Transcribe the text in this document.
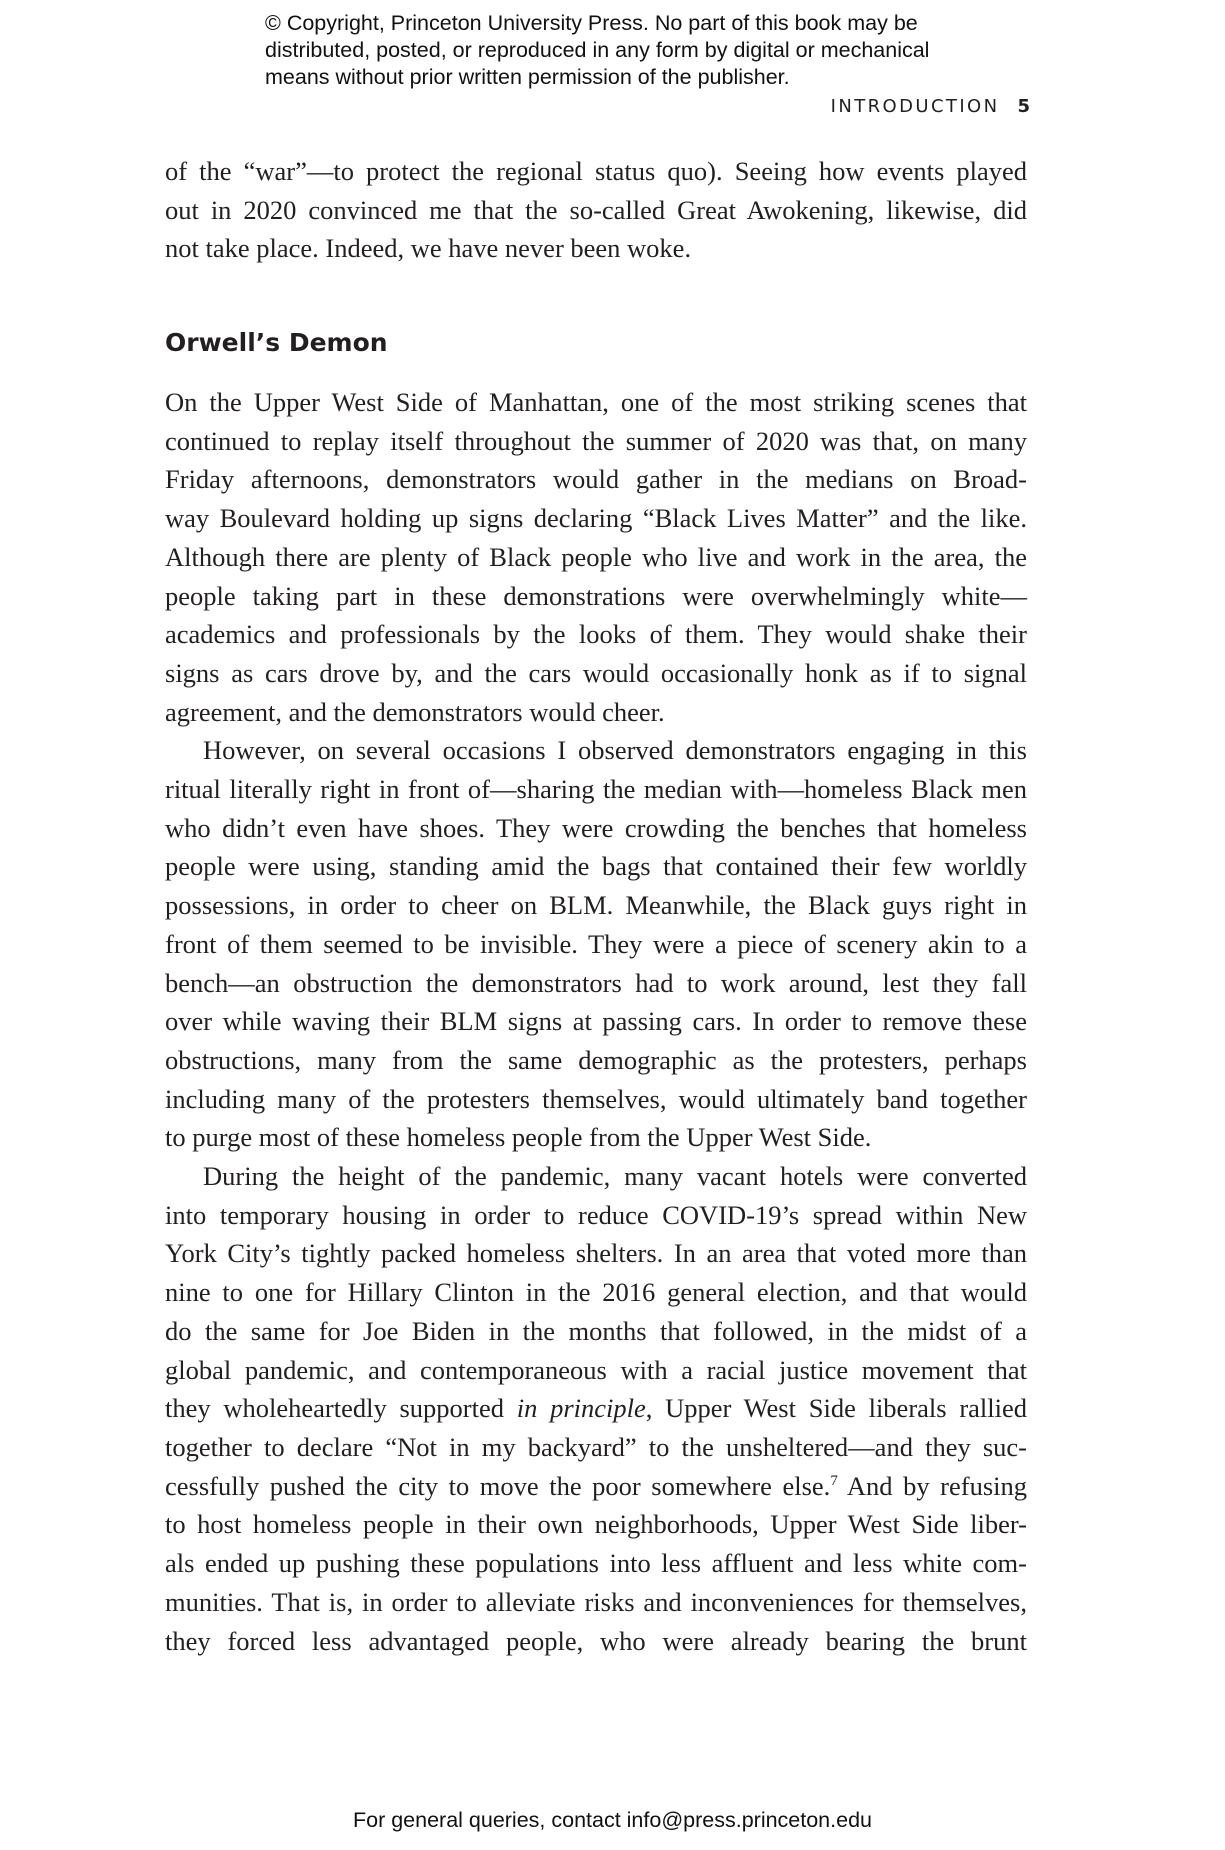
© Copyright, Princeton University Press. No part of this book may be
distributed, posted, or reproduced in any form by digital or mechanical
means without prior written permission of the publisher.
INTRODUCTION 5

of the “war”—to protect the regional status quo). Seeing how events played
out in 2020 convinced me that the so-called Great Awokening, likewise, did
not take place. Indeed, we have never been woke.

Orwell’s Demon

On the Upper West Side of Manhattan, one of the most striking scenes that
continued to replay itself throughout the summer of 2020 was that, on many
Friday afternoons, demonstrators would gather in the medians on Broad-
way Boulevard holding up signs declaring “Black Lives Matter” and the like.
Although there are plenty of Black people who live and work in the area, the
people taking part in these demonstrations were overwhelmingly white—
academics and professionals by the looks of them. They would shake their
signs as cars drove by, and the cars would occasionally honk as if to signal
agreement, and the demonstrators would cheer.

However, on several occasions I observed demonstrators engaging in this
ritual literally right in front of—sharing the median with—homeless Black men
who didn’t even have shoes. They were crowding the benches that homeless
people were using, standing amid the bags that contained their few worldly
possessions, in order to cheer on BLM. Meanwhile, the Black guys right in
front of them seemed to be invisible. They were a piece of scenery akin to a
bench—an obstruction the demonstrators had to work around, lest they fall
over while waving their BLM signs at passing cars. In order to remove these
obstructions, many from the same demographic as the protesters, perhaps
including many of the protesters themselves, would ultimately band together
to purge most of these homeless people from the Upper West Side.

During the height of the pandemic, many vacant hotels were converted
into temporary housing in order to reduce COVID-19’s spread within New
York City’s tightly packed homeless shelters. In an area that voted more than
nine to one for Hillary Clinton in the 2016 general election, and that would
do the same for Joe Biden in the months that followed, in the midst of a
global pandemic, and contemporaneous with a racial justice movement that
they wholeheartedly supported in principle, Upper West Side liberals rallied
together to declare “Not in my backyard” to the unsheltered—and they suc-
cessfully pushed the city to move the poor somewhere else.$^7$ And by refusing
to host homeless people in their own neighborhoods, Upper West Side liber-
als ended up pushing these populations into less affluent and less white com-
munities. That is, in order to alleviate risks and inconveniences for themselves,
they forced less advantaged people, who were already bearing the brunt

For general queries, contact info@press.princeton.edu
